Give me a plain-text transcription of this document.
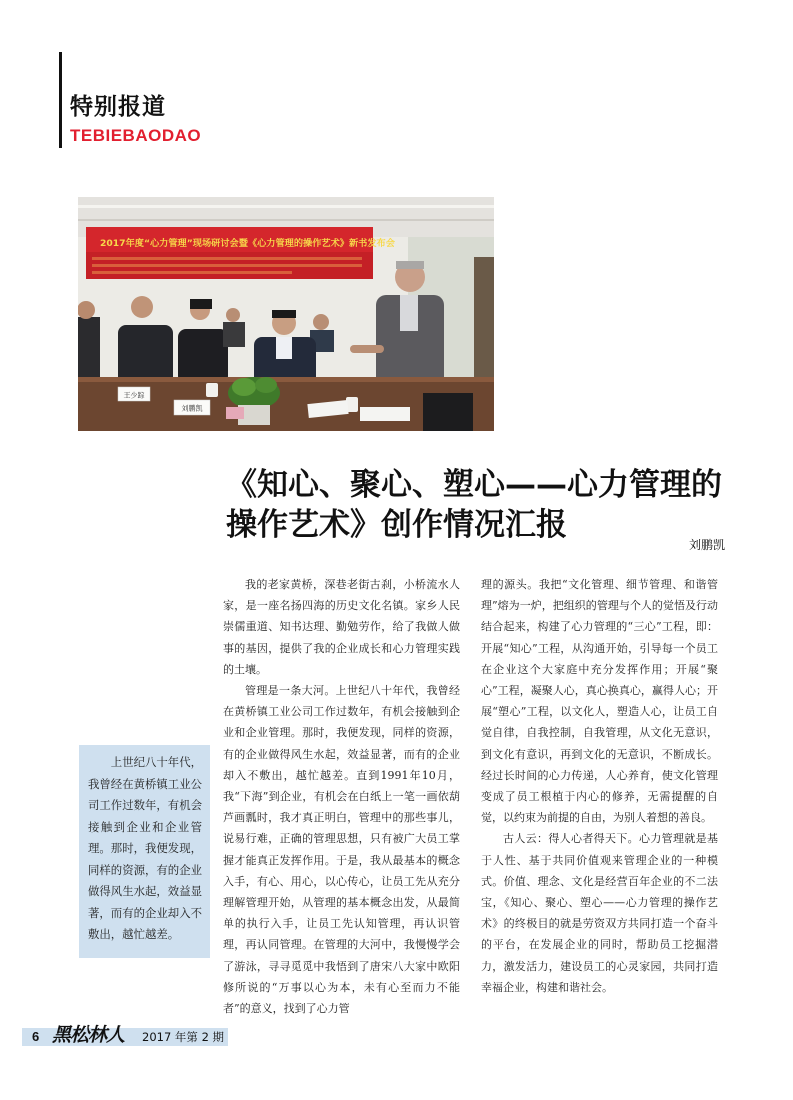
特别报道
TEBIEBAODAO
2017年度“心力管理”现场研讨会暨《心力管理的操作艺术》新书发布会
王少踪
刘鹏凯
《知心、聚心、塑心——心力管理的
操作艺术》创作情况汇报
刘鹏凯

我的老家黄桥，深巷老街古刹，小桥流水人家，是一座名扬四海的历史文化名镇。家乡人民崇儒重道、知书达理、勤勉劳作，给了我做人做事的基因，提供了我的企业成长和心力管理实践的土壤。

管理是一条大河。上世纪八十年代，我曾经在黄桥镇工业公司工作过数年，有机会接触到企业和企业管理。那时，我便发现，同样的资源，有的企业做得风生水起，效益显著，而有的企业却入不敷出，越忙越差。直到1991年10月，我“下海”到企业，有机会在白纸上一笔一画依葫芦画瓢时，我才真正明白，管理中的那些事儿，说易行难，正确的管理思想，只有被广大员工掌握才能真正发挥作用。于是，我从最基本的概念入手，有心、用心，以心传心，让员工先从充分理解管理开始，从管理的基本概念出发，从最简单的执行入手，让员工先认知管理，再认识管理，再认同管理。在管理的大河中，我慢慢学会了游泳，寻寻觅觅中我悟到了唐宋八大家中欧阳修所说的“万事以心为本，未有心至而力不能者”的意义，找到了心力管

理的源头。我把“文化管理、细节管理、和谐管理”熔为一炉，把组织的管理与个人的觉悟及行动结合起来，构建了心力管理的“三心”工程，即：开展“知心”工程，从沟通开始，引导每一个员工在企业这个大家庭中充分发挥作用；开展“聚心”工程，凝聚人心，真心换真心，赢得人心；开展“塑心”工程，以文化人，塑造人心，让员工自觉自律，自我控制，自我管理，从文化无意识，到文化有意识，再到文化的无意识，不断成长。经过长时间的心力传递，人心养育，使文化管理变成了员工根植于内心的修养，无需提醒的自觉，以约束为前提的自由，为别人着想的善良。

古人云：得人心者得天下。心力管理就是基于人性、基于共同价值观来管理企业的一种模式。价值、理念、文化是经营百年企业的不二法宝，《知心、聚心、塑心——心力管理的操作艺术》的终极目的就是劳资双方共同打造一个奋斗的平台，在发展企业的同时，帮助员工挖掘潜力，激发活力，建设员工的心灵家园，共同打造幸福企业，构建和谐社会。

上世纪八十年代，我曾经在黄桥镇工业公司工作过数年，有机会接触到企业和企业管理。那时，我便发现，同样的资源，有的企业做得风生水起，效益显著，而有的企业却入不敷出，越忙越差。
6 黑松林人 2017 年第 2 期
